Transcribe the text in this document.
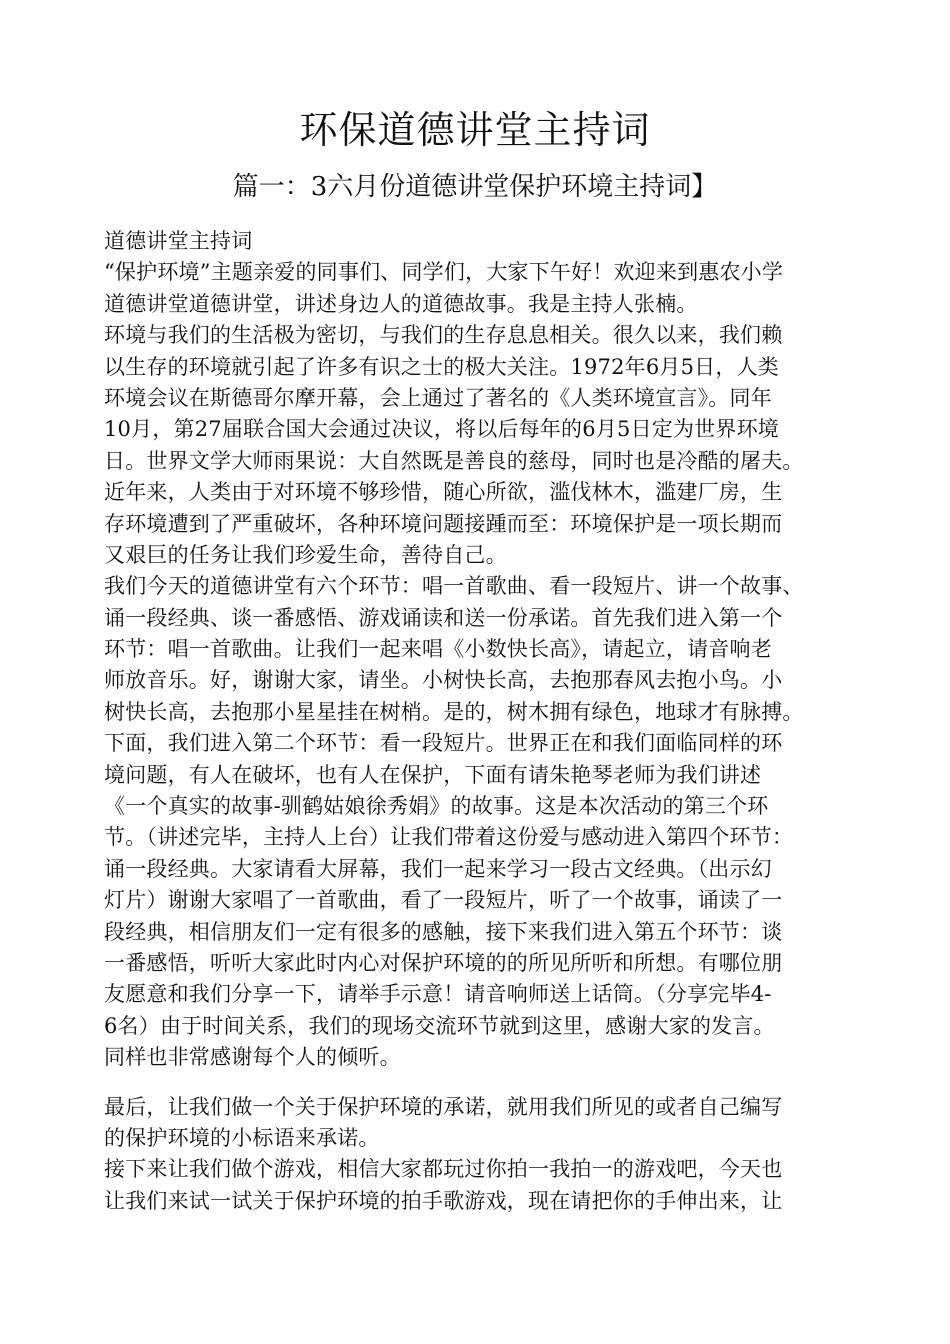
环保道德讲堂主持词
篇一：3六月份道德讲堂保护环境主持词】
道德讲堂主持词
“保护环境”主题亲爱的同事们、同学们，大家下午好！欢迎来到惠农小学
道德讲堂道德讲堂，讲述身边人的道德故事。我是主持人张楠。
环境与我们的生活极为密切，与我们的生存息息相关。很久以来，我们赖
以生存的环境就引起了许多有识之士的极大关注。1972年6月5日，人类
环境会议在斯德哥尔摩开幕，会上通过了著名的《人类环境宣言》。同年
10月，第27届联合国大会通过决议，将以后每年的6月5日定为世界环境
日。世界文学大师雨果说：大自然既是善良的慈母，同时也是冷酷的屠夫。
近年来，人类由于对环境不够珍惜，随心所欲，滥伐林木，滥建厂房，生
存环境遭到了严重破坏，各种环境问题接踵而至：环境保护是一项长期而
又艰巨的任务让我们珍爱生命，善待自己。
我们今天的道德讲堂有六个环节：唱一首歌曲、看一段短片、讲一个故事、
诵一段经典、谈一番感悟、游戏诵读和送一份承诺。首先我们进入第一个
环节：唱一首歌曲。让我们一起来唱《小数快长高》，请起立，请音响老
师放音乐。好，谢谢大家，请坐。小树快长高，去抱那春风去抱小鸟。小
树快长高，去抱那小星星挂在树梢。是的，树木拥有绿色，地球才有脉搏。
下面，我们进入第二个环节：看一段短片。世界正在和我们面临同样的环
境问题，有人在破坏，也有人在保护，下面有请朱艳琴老师为我们讲述
《一个真实的故事-驯鹤姑娘徐秀娟》的故事。这是本次活动的第三个环
节。（讲述完毕，主持人上台）让我们带着这份爱与感动进入第四个环节：
诵一段经典。大家请看大屏幕，我们一起来学习一段古文经典。（出示幻
灯片）谢谢大家唱了一首歌曲，看了一段短片，听了一个故事，诵读了一
段经典，相信朋友们一定有很多的感触，接下来我们进入第五个环节：谈
一番感悟，听听大家此时内心对保护环境的的所见所听和所想。有哪位朋
友愿意和我们分享一下，请举手示意！请音响师送上话筒。（分享完毕4-
6名）由于时间关系，我们的现场交流环节就到这里，感谢大家的发言。
同样也非常感谢每个人的倾听。
最后，让我们做一个关于保护环境的承诺，就用我们所见的或者自己编写
的保护环境的小标语来承诺。
接下来让我们做个游戏，相信大家都玩过你拍一我拍一的游戏吧，今天也
让我们来试一试关于保护环境的拍手歌游戏，现在请把你的手伸出来，让
